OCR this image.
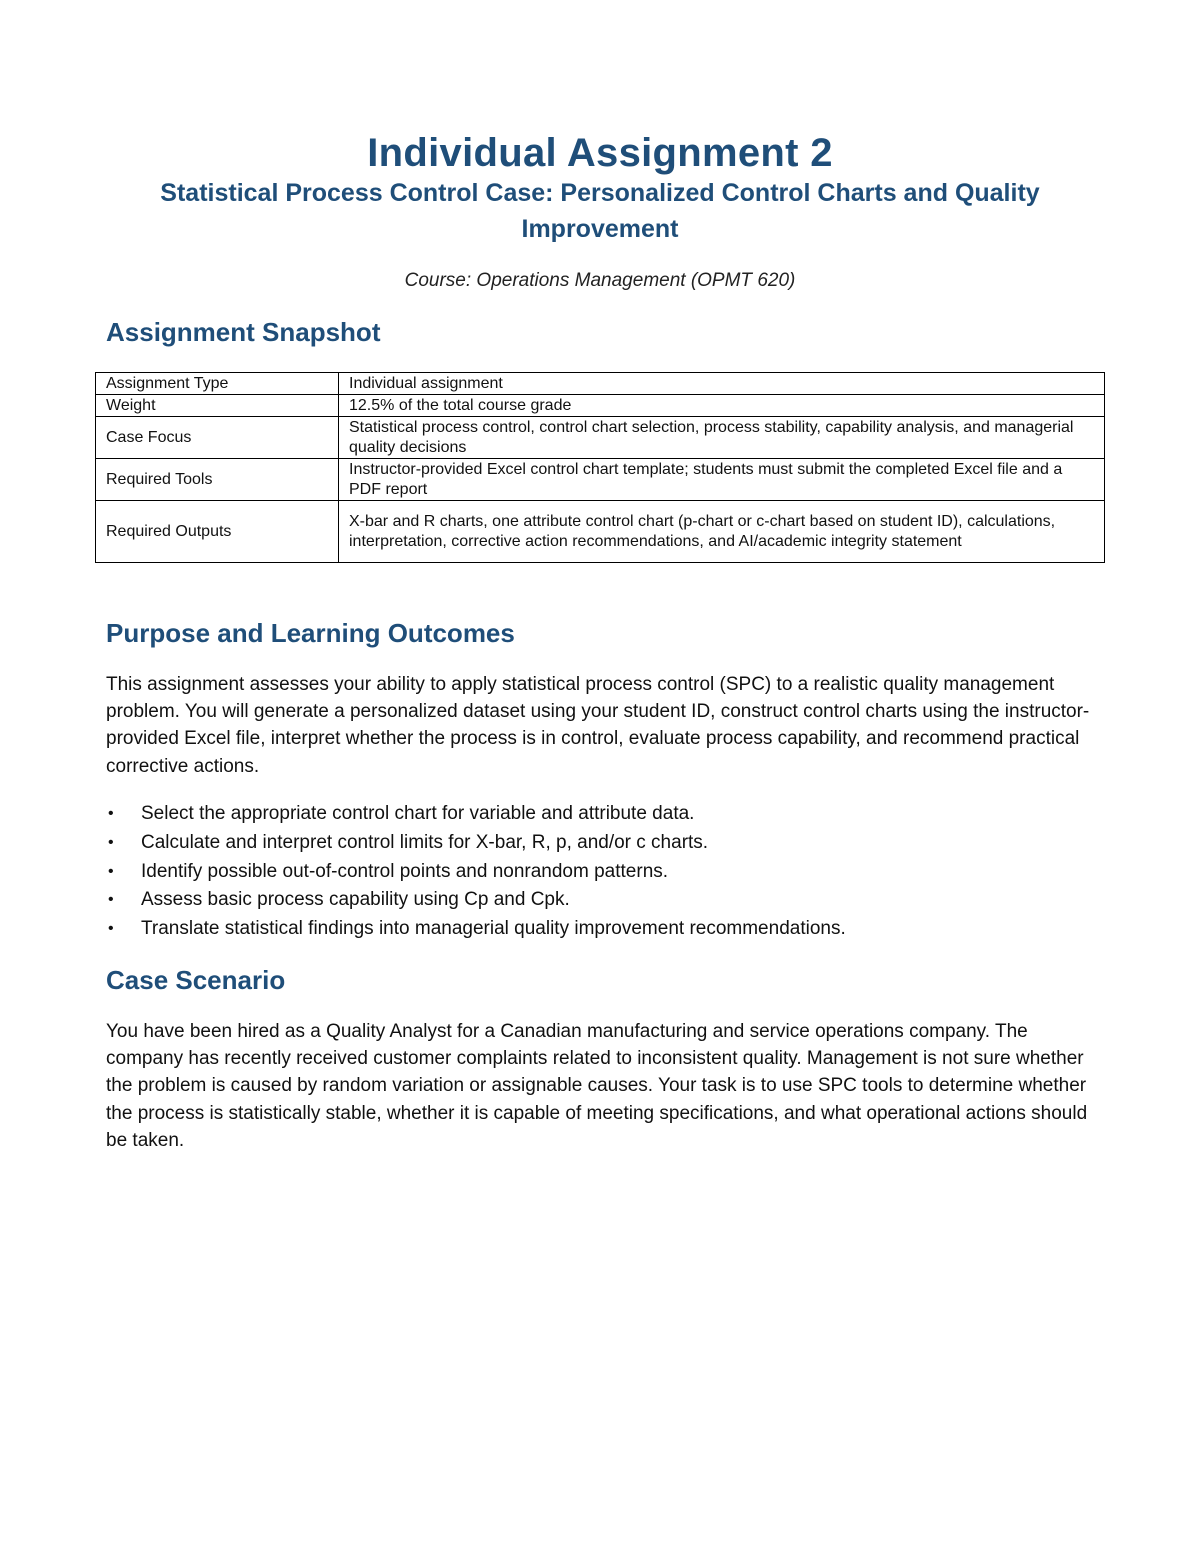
Individual Assignment 2
Statistical Process Control Case: Personalized Control Charts and Quality Improvement
Course: Operations Management (OPMT 620)
Assignment Snapshot
Assignment Type	Individual assignment
Weight	12.5% of the total course grade
Case Focus	Statistical process control, control chart selection, process stability, capability analysis, and managerial quality decisions
Required Tools	Instructor-provided Excel control chart template; students must submit the completed Excel file and a PDF report
Required Outputs	X-bar and R charts, one attribute control chart (p-chart or c-chart based on student ID), calculations, interpretation, corrective action recommendations, and AI/academic integrity statement
Purpose and Learning Outcomes

This assignment assesses your ability to apply statistical process control (SPC) to a realistic quality management problem. You will generate a personalized dataset using your student ID, construct control charts using the instructor-provided Excel file, interpret whether the process is in control, evaluate process capability, and recommend practical corrective actions.

• Select the appropriate control chart for variable and attribute data.
• Calculate and interpret control limits for X-bar, R, p, and/or c charts.
• Identify possible out-of-control points and nonrandom patterns.
• Assess basic process capability using Cp and Cpk.
• Translate statistical findings into managerial quality improvement recommendations.
Case Scenario

You have been hired as a Quality Analyst for a Canadian manufacturing and service operations company. The company has recently received customer complaints related to inconsistent quality. Management is not sure whether the problem is caused by random variation or assignable causes. Your task is to use SPC tools to determine whether the process is statistically stable, whether it is capable of meeting specifications, and what operational actions should be taken.
